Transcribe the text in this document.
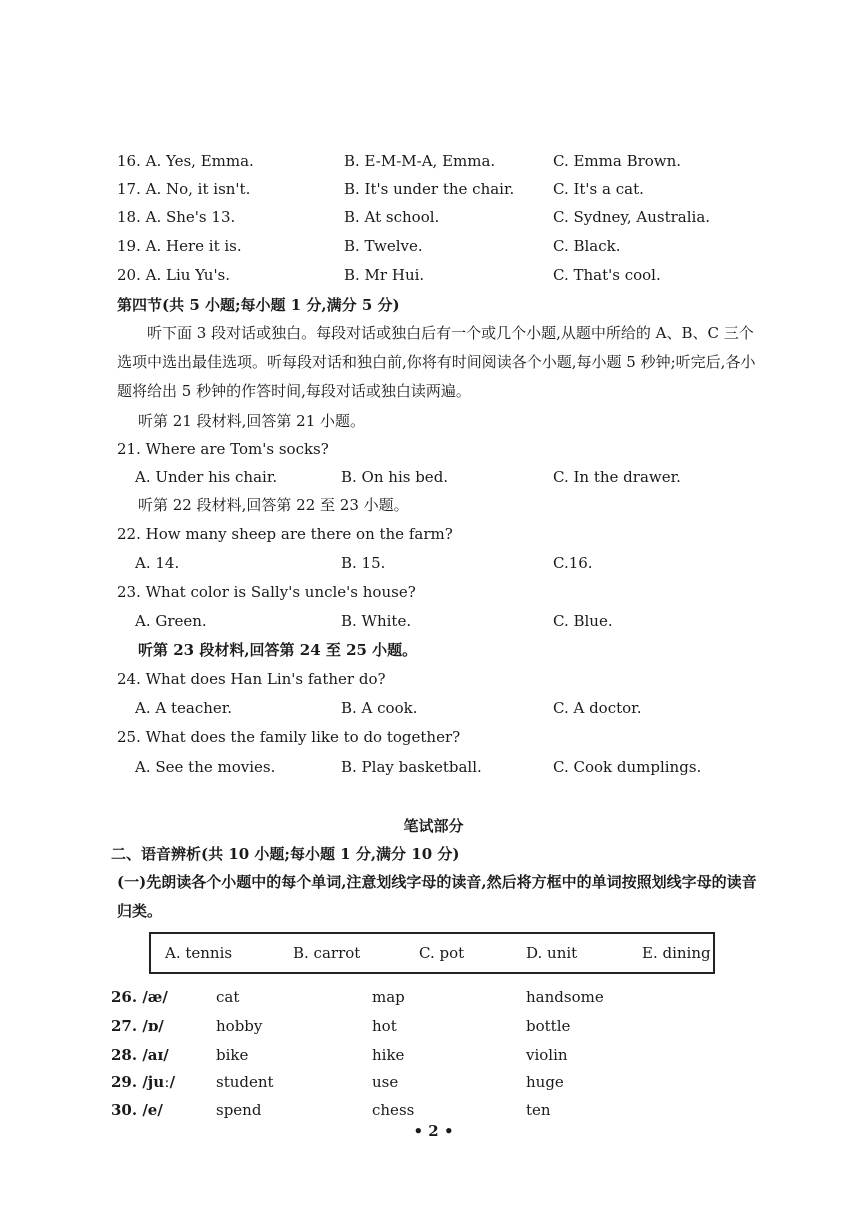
16. A. Yes, Emma.	B. E-M-M-A, Emma.	C. Emma Brown.
17. A. No, it isn't.	B. It's under the chair.	C. It's a cat.
18. A. She's 13.	B. At school.	C. Sydney, Australia.
19. A. Here it is.	B. Twelve.	C. Black.
20. A. Liu Yu's.	B. Mr Hui.	C. That's cool.
第四节(共 5 小题;每小题 1 分,满分 5 分)
听下面 3 段对话或独白。每段对话或独白后有一个或几个小题,从题中所给的 A、B、C 三个选项中选出最佳选项。听每段对话和独白前,你将有时间阅读各个小题,每小题 5 秒钟;听完后,各小题将给出 5 秒钟的作答时间,每段对话或独白读两遍。
听第 21 段材料,回答第 21 小题。
21. Where are Tom's socks?
A. Under his chair.	B. On his bed.	C. In the drawer.
听第 22 段材料,回答第 22 至 23 小题。
22. How many sheep are there on the farm?
A. 14.	B. 15.	C.16.
23. What color is Sally's uncle's house?
A. Green.	B. White.	C. Blue.
听第 23 段材料,回答第 24 至 25 小题。
24. What does Han Lin's father do?
A. A teacher.	B. A cook.	C. A doctor.
25. What does the family like to do together?
A. See the movies.	B. Play basketball.	C. Cook dumplings.
笔试部分
二、语音辨析(共 10 小题;每小题 1 分,满分 10 分)
(一)先朗读各个小题中的每个单词,注意划线字母的读音,然后将方框中的单词按照划线字母的读音归类。
A. tennis	B. carrot	C. pot	D. unit	E. dining
26. /æ/	cat	map	handsome
27. /ɒ/	hobby	hot	bottle
28. /aɪ/	bike	hike	violin
29. /juː/	student	use	huge
30. /e/	spend	chess	ten
• 2 •
